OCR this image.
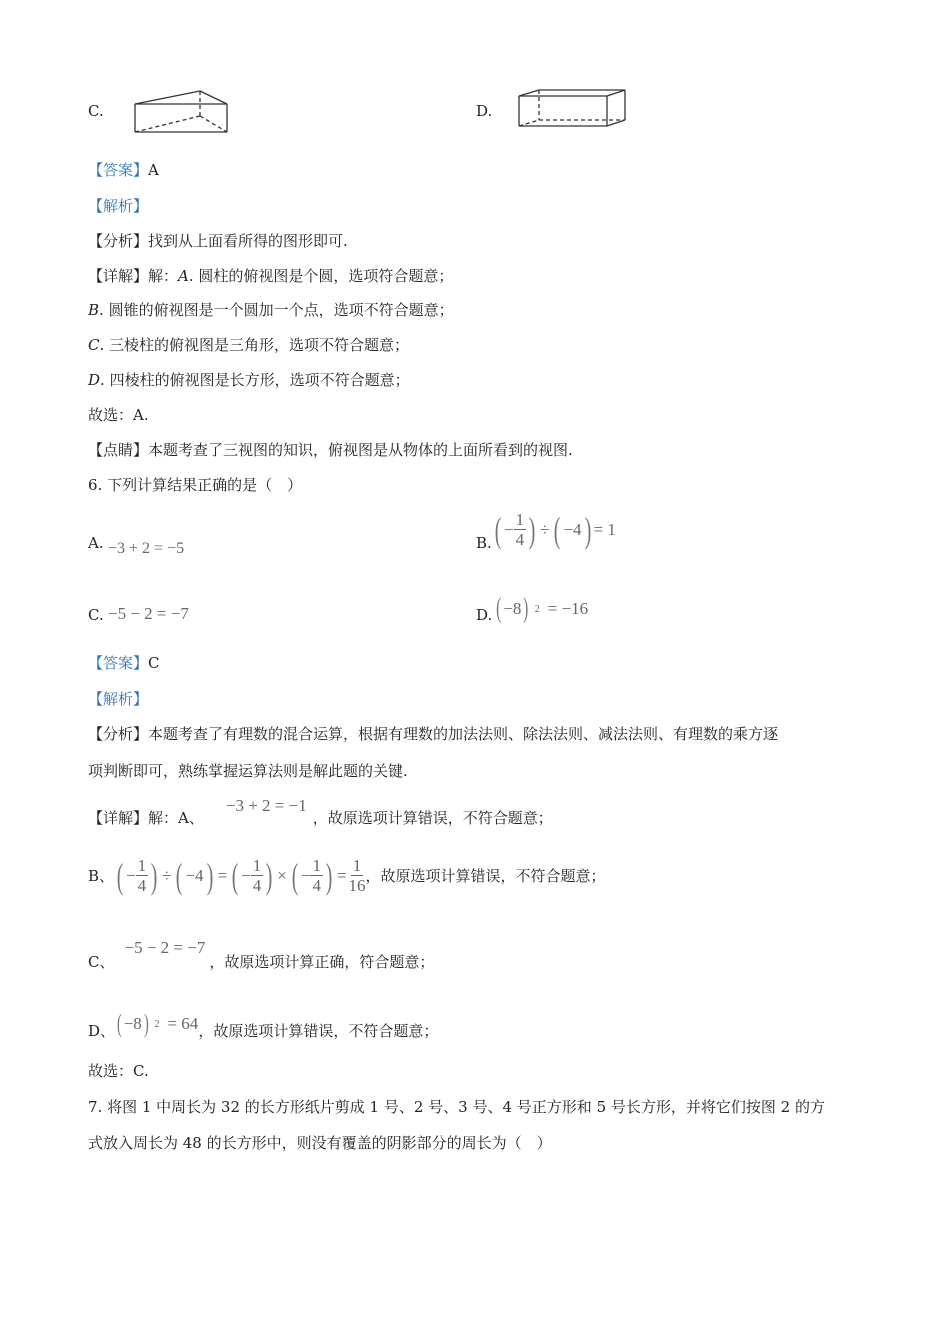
C.	D.
【答案】A
【解析】
【分析】找到从上面看所得的图形即可.
【详解】解：A. 圆柱的俯视图是个圆，选项符合题意；
B. 圆锥的俯视图是一个圆加一个点，选项不符合题意；
C. 三棱柱的俯视图是三角形，选项不符合题意；
D. 四棱柱的俯视图是长方形，选项不符合题意；
故选：A.
【点睛】本题考查了三视图的知识，俯视图是从物体的上面所看到的视图.
6. 下列计算结果正确的是（　）
A. −3 + 2 = −5	B. ( − $\frac{1}{4}$ ) ÷ ( −4 ) = 1
C. −5 − 2 = −7	D. ( −8 ) 2 = −16
【答案】C
【解析】
【分析】本题考查了有理数的混合运算，根据有理数的加法法则、除法法则、减法法则、有理数的乘方逐
项判断即可，熟练掌握运算法则是解此题的关键.
【详解】解：A、−3 + 2 = −1，故原选项计算错误，不符合题意；
B、 ( − $\frac{1}{4}$ ) ÷ ( −4 ) = ( − $\frac{1}{4}$ ) × ( − $\frac{1}{4}$ ) = $\frac{1}{16}$ ，故原选项计算错误，不符合题意；
C、−5 − 2 = −7，故原选项计算正确，符合题意；
D、 ( −8 ) 2 = 64 ，故原选项计算错误，不符合题意；
故选：C.
7. 将图 1 中周长为 32 的长方形纸片剪成 1 号、2 号、3 号、4 号正方形和 5 号长方形，并将它们按图 2 的方
式放入周长为 48 的长方形中，则没有覆盖的阴影部分的周长为（　）
